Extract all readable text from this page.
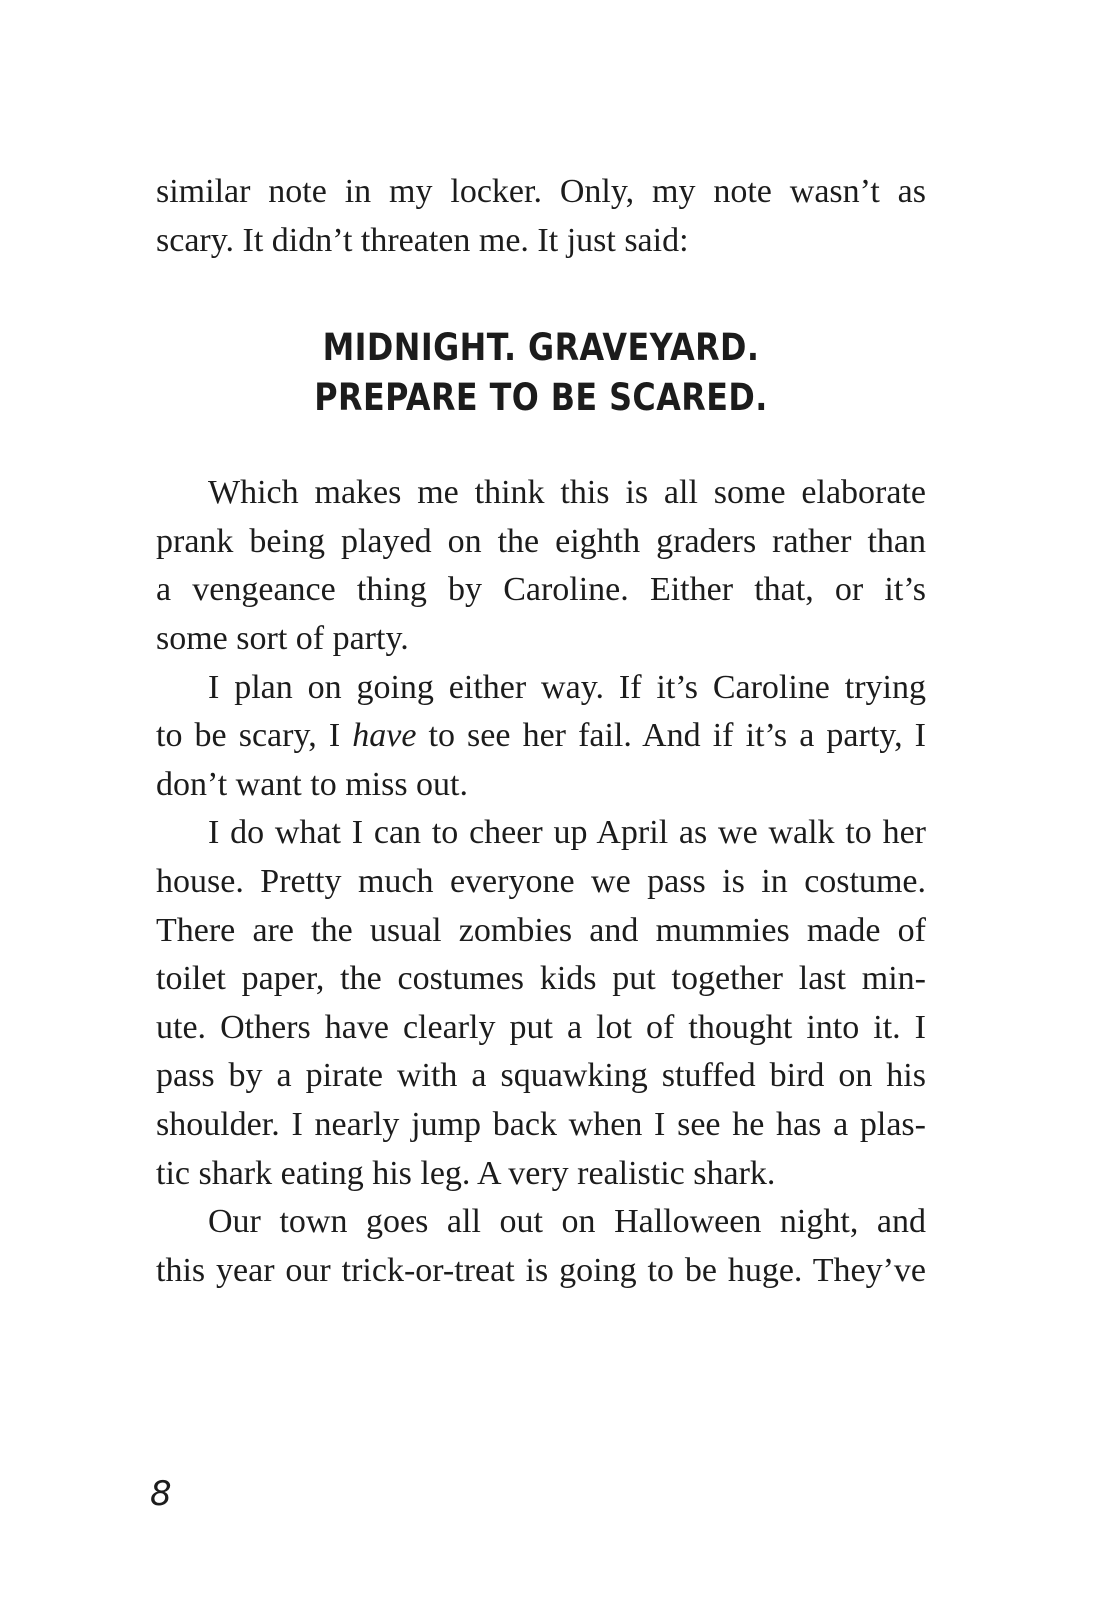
similar note in my locker. Only, my note wasn’t as
scary. It didn’t threaten me. It just said:
MIDNIGHT. GRAVEYARD.
PREPARE TO BE SCARED.
Which makes me think this is all some elaborate
prank being played on the eighth graders rather than
a vengeance thing by Caroline. Either that, or it’s
some sort of party.
I plan on going either way. If it’s Caroline trying
to be scary, I have to see her fail. And if it’s a party, I
don’t want to miss out.
I do what I can to cheer up April as we walk to her
house. Pretty much everyone we pass is in costume.
There are the usual zombies and mummies made of
toilet paper, the costumes kids put together last min-
ute. Others have clearly put a lot of thought into it. I
pass by a pirate with a squawking stuffed bird on his
shoulder. I nearly jump back when I see he has a plas-
tic shark eating his leg. A very realistic shark.
Our town goes all out on Halloween night, and
this year our trick-or-treat is going to be huge. They’ve
8
